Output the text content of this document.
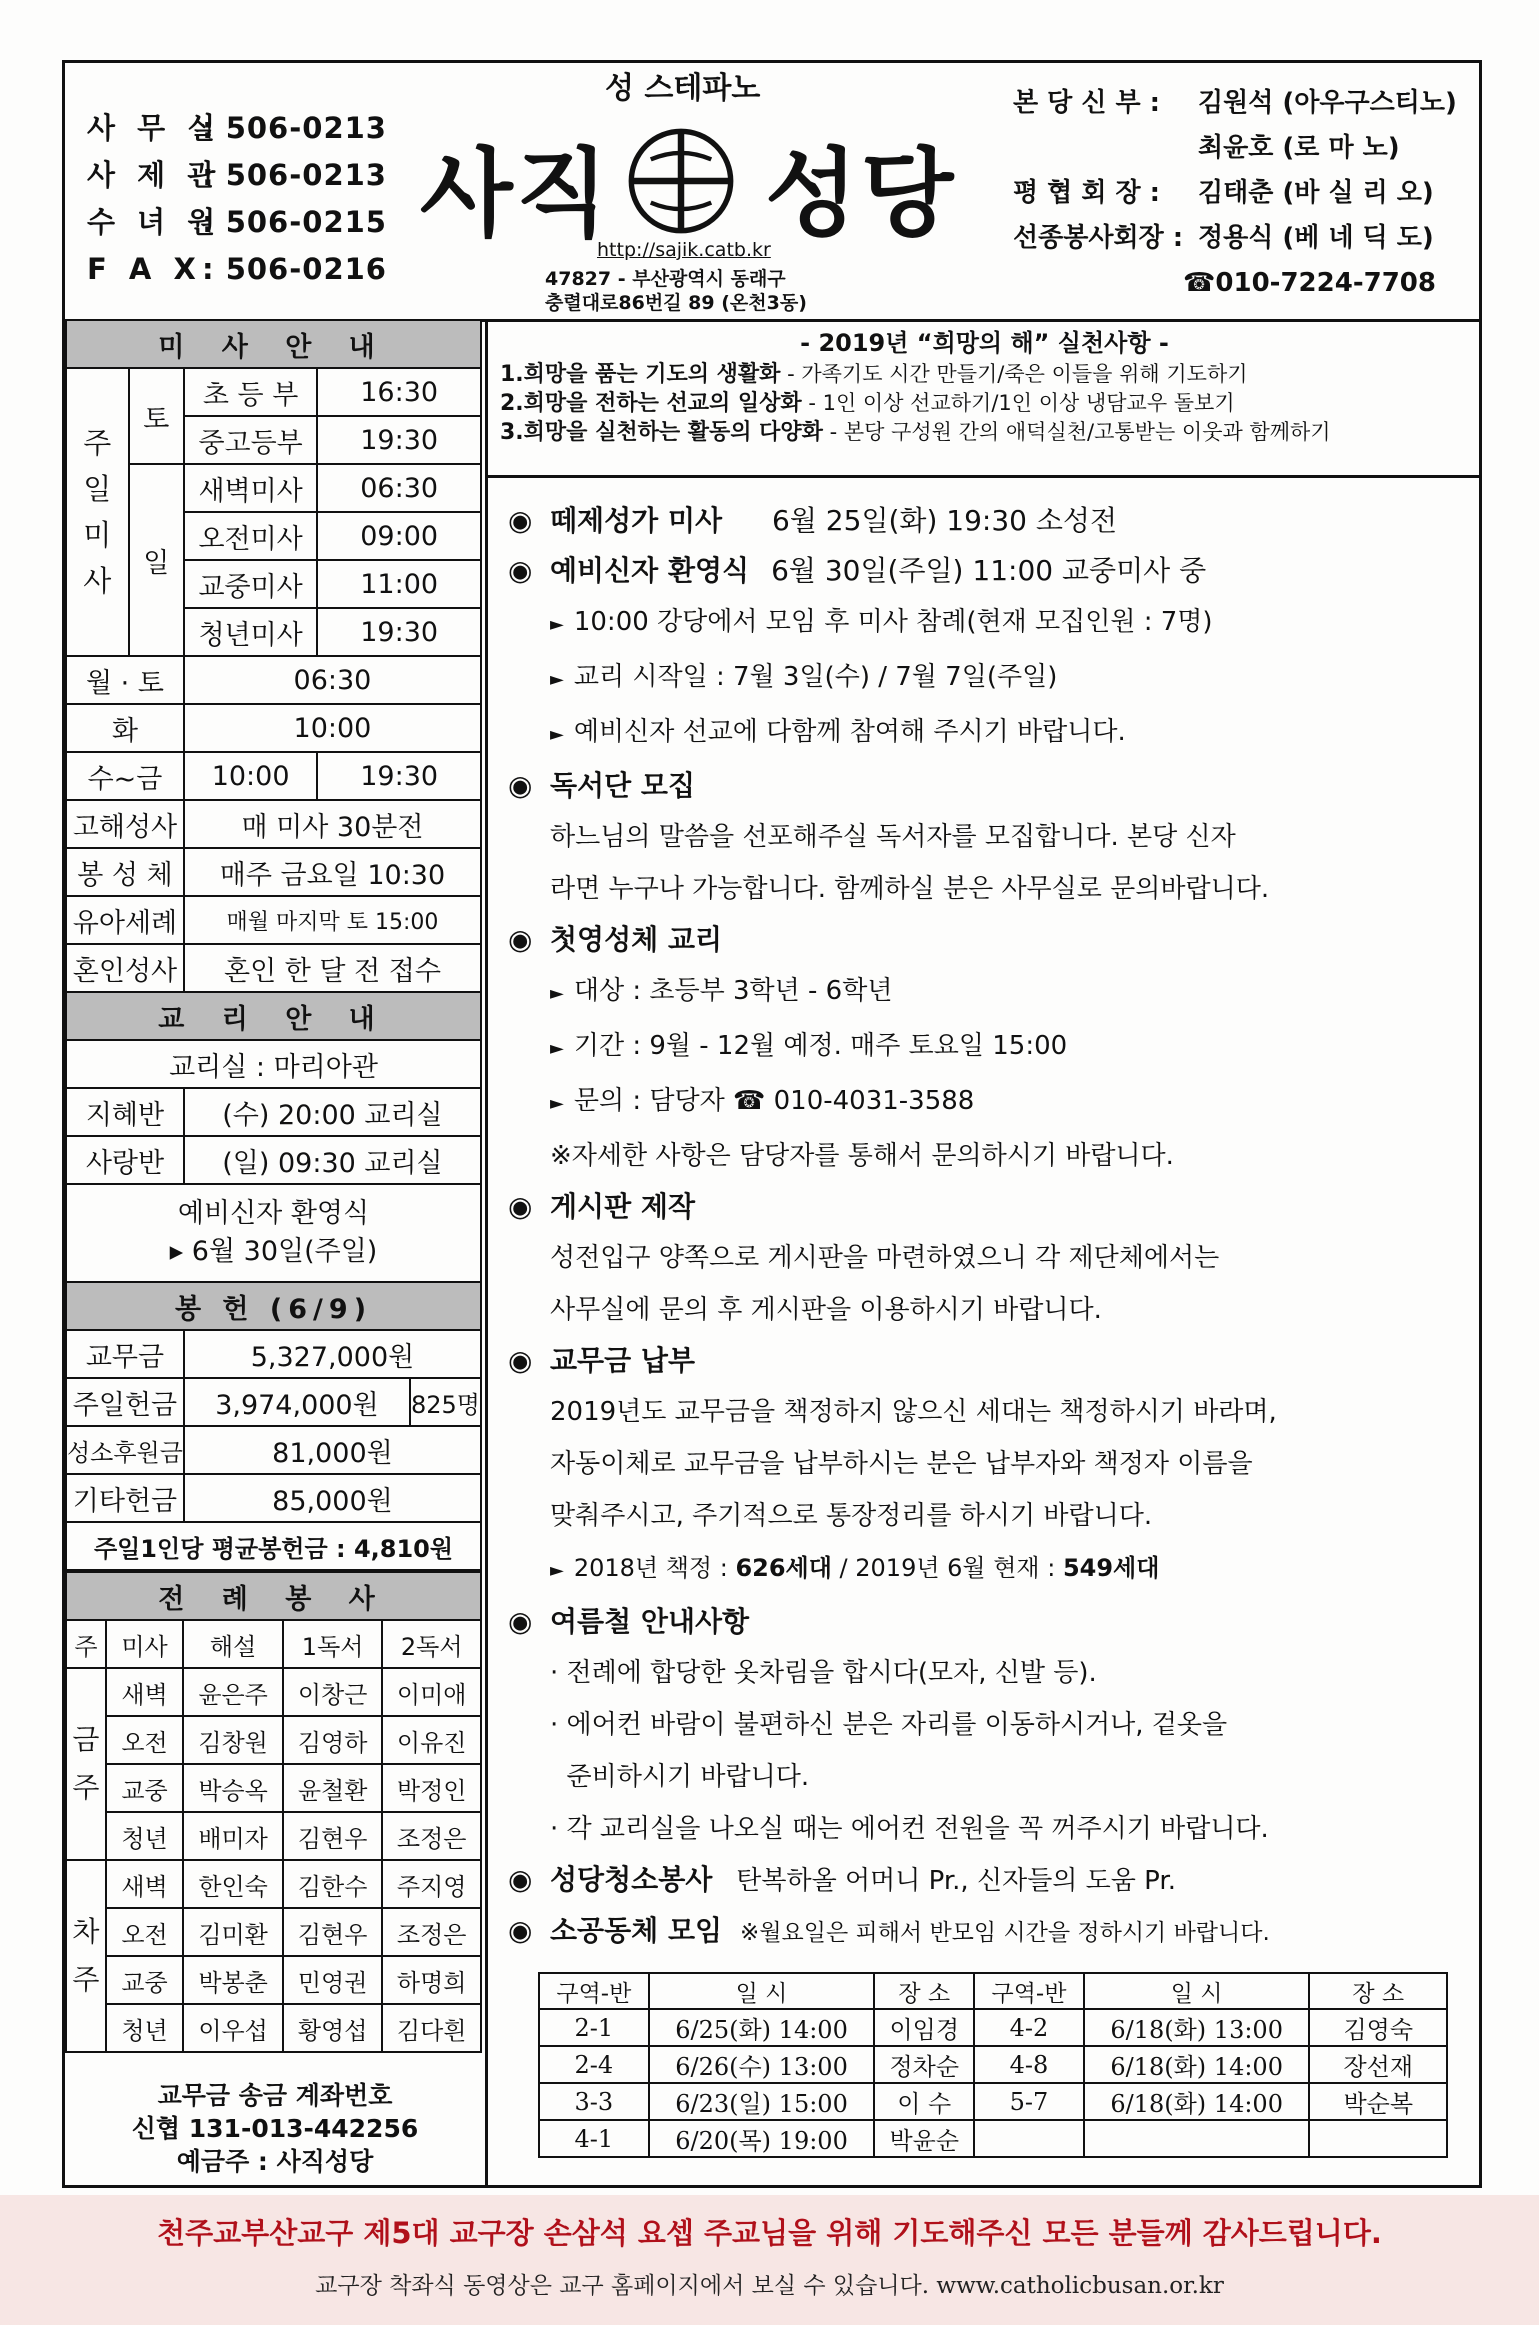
사 무 실
: 506-0213
사 제 관
: 506-0213
수 녀 원
: 506-0215
F A X : 506-0216
성 스테파노
사직 성당
http://sajik.catb.kr
47827 - 부산광역시 동래구
충렬대로86번길 89 (온천3동)
본 당 신 부 :	김원석 (아우구스티노)
최윤호 (로 마 노)
평 협 회 장 :	김태춘 (바 실 리 오)
선종봉사회장 : 정용식 (베 네 딕 도)
☎010-7224-7708
미 사 안 내				
주
일
미
사	토	초 등 부	16:30	
		중고등부	19:30	
	일	새벽미사	06:30	
		오전미사	09:00	
		교중미사	11:00	
		청년미사	19:30	
월 · 토		06:30		
화		10:00		
수~금		10:00	19:30	
고해성사		매 미사 30분전		
봉 성 체		매주 금요일 10:30		
유아세례		매월 마지막 토 15:00		
혼인성사		혼인 한 달 전 접수		
교 리 안 내				
교리실 : 마리아관				
지혜반		(수) 20:00 교리실		
사랑반		(일) 09:30 교리실		

예비신자 환영식
▸ 6월 30일(주일)				

봉 헌 (6/9)				
교무금		5,327,000원		
주일헌금		3,974,000원		825명
성소후원금		81,000원		
기타헌금		85,000원		
주일1인당 평균봉헌금 : 4,810원				
전 례 봉 사				
주	미사	해설	1독서	2독서
금
주	새벽	윤은주	이창근	이미애
	오전	김창원	김영하	이유진
	교중	박승옥	윤철환	박정인
	청년	배미자	김현우	조정은
차
주	새벽	한인숙	김한수	주지영
	오전	김미환	김현우	조정은
	교중	박봉춘	민영권	하명희
	청년	이우섭	황영섭	김다흰
교무금 송금 계좌번호
신협 131-013-442256
예금주 : 사직성당
- 2019년 “희망의 해” 실천사항 -
1.희망을 품는 기도의 생활화 - 가족기도 시간 만들기/죽은 이들을 위해 기도하기
2.희망을 전하는 선교의 일상화 - 1인 이상 선교하기/1인 이상 냉담교우 돌보기
3.희망을 실천하는 활동의 다양화 - 본당 구성원 간의 애덕실천/고통받는 이웃과 함께하기
◉ 떼제성가 미사 6월 25일(화) 19:30 소성전
◉ 예비신자 환영식 6월 30일(주일) 11:00 교중미사 중
► 10:00 강당에서 모임 후 미사 참례(현재 모집인원 : 7명)
► 교리 시작일 : 7월 3일(수) / 7월 7일(주일)
► 예비신자 선교에 다함께 참여해 주시기 바랍니다.
◉ 독서단 모집
하느님의 말씀을 선포해주실 독서자를 모집합니다. 본당 신자
라면 누구나 가능합니다. 함께하실 분은 사무실로 문의바랍니다.
◉ 첫영성체 교리
► 대상 : 초등부 3학년 - 6학년
► 기간 : 9월 - 12월 예정. 매주 토요일 15:00
► 문의 : 담당자 ☎ 010-4031-3588
※자세한 사항은 담당자를 통해서 문의하시기 바랍니다.
◉ 게시판 제작
성전입구 양쪽으로 게시판을 마련하였으니 각 제단체에서는
사무실에 문의 후 게시판을 이용하시기 바랍니다.
◉ 교무금 납부
2019년도 교무금을 책정하지 않으신 세대는 책정하시기 바라며,
자동이체로 교무금을 납부하시는 분은 납부자와 책정자 이름을
맞춰주시고, 주기적으로 통장정리를 하시기 바랍니다.
► 2018년 책정 : 626세대 / 2019년 6월 현재 : 549세대
◉ 여름철 안내사항
· 전례에 합당한 옷차림을 합시다(모자, 신발 등).
· 에어컨 바람이 불편하신 분은 자리를 이동하시거나, 겉옷을
준비하시기 바랍니다.
· 각 교리실을 나오실 때는 에어컨 전원을 꼭 꺼주시기 바랍니다.
◉ 성당청소봉사 탄복하올 어머니 Pr., 신자들의 도움 Pr.
◉ 소공동체 모임 ※월요일은 피해서 반모임 시간을 정하시기 바랍니다.
구역-반	일 시	장 소	구역-반	일 시	장 소
2-1	6/25(화) 14:00	이임경	4-2	6/18(화) 13:00	김영숙
2-4	6/26(수) 13:00	정차순	4-8	6/18(화) 14:00	장선재
3-3	6/23(일) 15:00	이 수	5-7	6/18(화) 14:00	박순복
4-1	6/20(목) 19:00	박윤순			
천주교부산교구 제5대 교구장 손삼석 요셉 주교님을 위해 기도해주신 모든 분들께 감사드립니다.
교구장 착좌식 동영상은 교구 홈페이지에서 보실 수 있습니다. www.catholicbusan.or.kr
